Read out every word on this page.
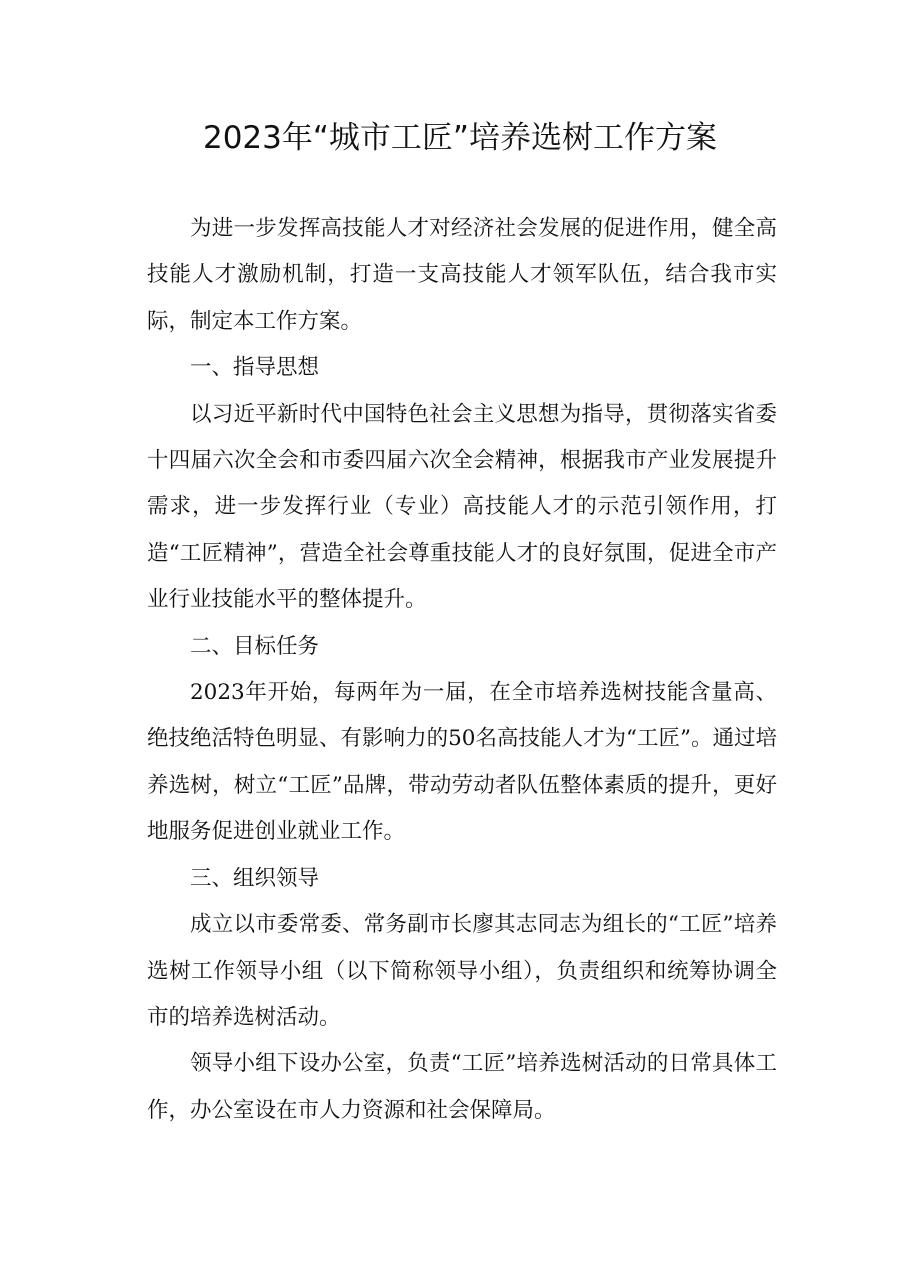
2023年“城市工匠”培养选树工作方案

为进一步发挥高技能人才对经济社会发展的促进作用，健全高技能人才激励机制，打造一支高技能人才领军队伍，结合我市实际，制定本工作方案。

一、指导思想

以习近平新时代中国特色社会主义思想为指导，贯彻落实省委十四届六次全会和市委四届六次全会精神，根据我市产业发展提升需求，进一步发挥行业（专业）高技能人才的示范引领作用，打造“工匠精神”，营造全社会尊重技能人才的良好氛围，促进全市产业行业技能水平的整体提升。

二、目标任务

2023年开始，每两年为一届，在全市培养选树技能含量高、绝技绝活特色明显、有影响力的50名高技能人才为“工匠”。通过培养选树，树立“工匠”品牌，带动劳动者队伍整体素质的提升，更好地服务促进创业就业工作。

三、组织领导

成立以市委常委、常务副市长廖其志同志为组长的“工匠”培养选树工作领导小组（以下简称领导小组），负责组织和统筹协调全市的培养选树活动。

领导小组下设办公室，负责“工匠”培养选树活动的日常具体工作，办公室设在市人力资源和社会保障局。
